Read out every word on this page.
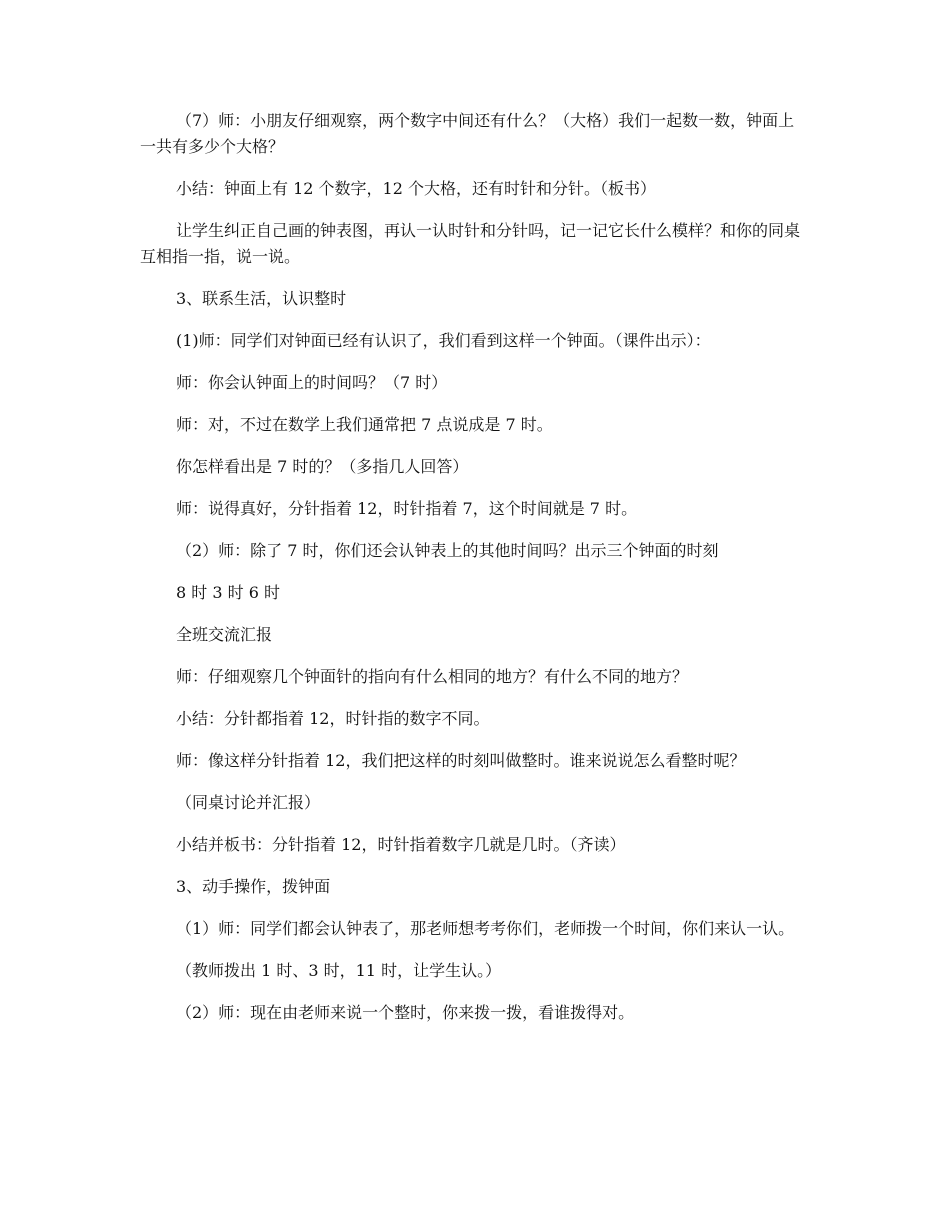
（7）师：小朋友仔细观察，两个数字中间还有什么？（大格）我们一起数一数，钟面上一共有多少个大格？

小结：钟面上有 12 个数字，12 个大格，还有时针和分针。（板书）

让学生纠正自己画的钟表图，再认一认时针和分针吗，记一记它长什么模样？和你的同桌互相指一指，说一说。

3、联系生活，认识整时

(1)师：同学们对钟面已经有认识了，我们看到这样一个钟面。（课件出示）：

师：你会认钟面上的时间吗？（7 时）

师：对，不过在数学上我们通常把 7 点说成是 7 时。

你怎样看出是 7 时的？（多指几人回答）

师：说得真好，分针指着 12，时针指着 7，这个时间就是 7 时。

（2）师：除了 7 时，你们还会认钟表上的其他时间吗？出示三个钟面的时刻

8 时 3 时 6 时

全班交流汇报

师：仔细观察几个钟面针的指向有什么相同的地方？有什么不同的地方？

小结：分针都指着 12，时针指的数字不同。

师：像这样分针指着 12，我们把这样的时刻叫做整时。谁来说说怎么看整时呢？

（同桌讨论并汇报）

小结并板书：分针指着 12，时针指着数字几就是几时。（齐读）

3、动手操作，拨钟面

（1）师：同学们都会认钟表了，那老师想考考你们，老师拨一个时间，你们来认一认。

（教师拨出 1 时、3 时，11 时，让学生认。）

（2）师：现在由老师来说一个整时，你来拨一拨，看谁拨得对。
